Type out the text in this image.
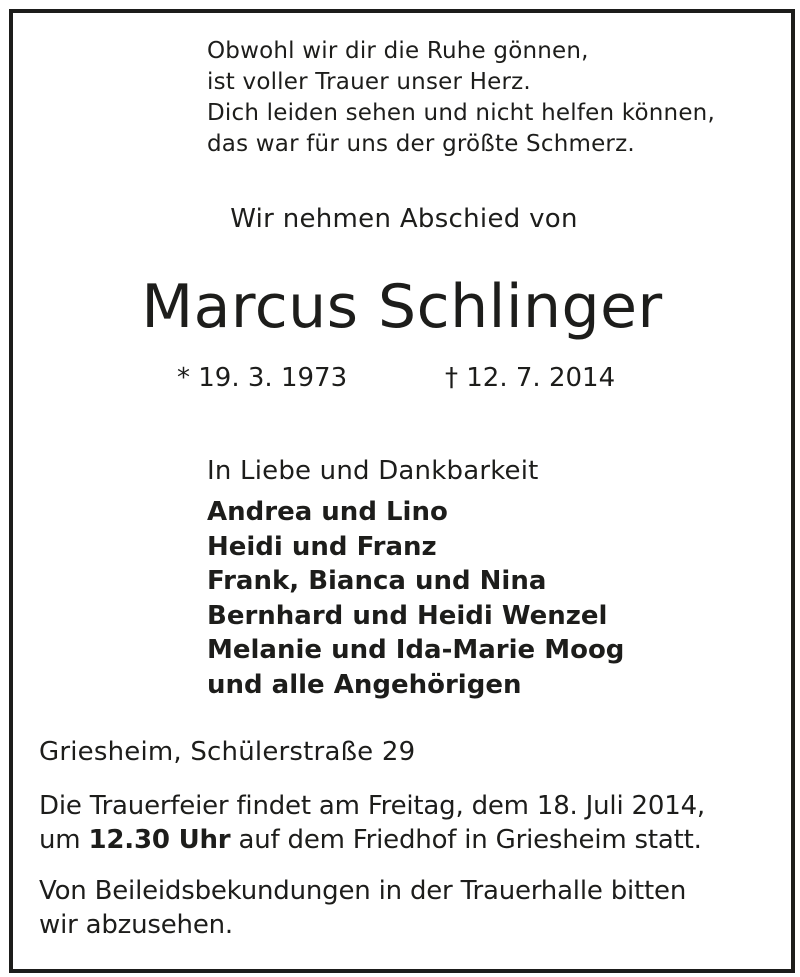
Obwohl wir dir die Ruhe gönnen,
ist voller Trauer unser Herz.
Dich leiden sehen und nicht helfen können,
das war für uns der größte Schmerz.
Wir nehmen Abschied von
Marcus Schlinger
* 19. 3. 1973	† 12. 7. 2014
In Liebe und Dankbarkeit
Andrea und Lino
Heidi und Franz
Frank, Bianca und Nina
Bernhard und Heidi Wenzel
Melanie und Ida-Marie Moog
und alle Angehörigen
Griesheim, Schülerstraße 29
Die Trauerfeier findet am Freitag, dem 18. Juli 2014,
um 12.30 Uhr auf dem Friedhof in Griesheim statt.
Von Beileidsbekundungen in der Trauerhalle bitten
wir abzusehen.
